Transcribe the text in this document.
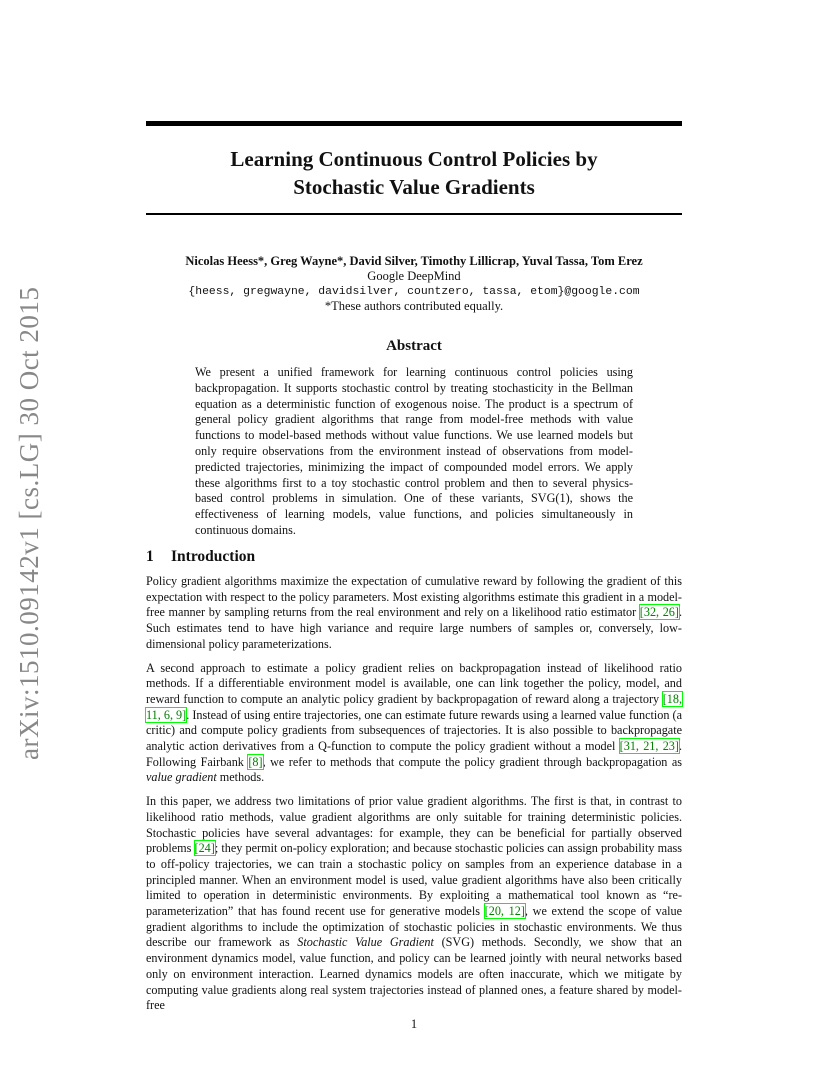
arXiv:1510.09142v1 [cs.LG] 30 Oct 2015
Learning Continuous Control Policies by
Stochastic Value Gradients
Nicolas Heess*, Greg Wayne*, David Silver, Timothy Lillicrap, Yuval Tassa, Tom Erez
Google DeepMind
{heess, gregwayne, davidsilver, countzero, tassa, etom}@google.com
*These authors contributed equally.
Abstract
We present a unified framework for learning continuous control policies using backpropagation. It supports stochastic control by treating stochasticity in the Bellman equation as a deterministic function of exogenous noise. The product is a spectrum of general policy gradient algorithms that range from model-free methods with value functions to model-based methods without value functions. We use learned models but only require observations from the environment instead of observations from model-predicted trajectories, minimizing the impact of compounded model errors. We apply these algorithms first to a toy stochastic control problem and then to several physics-based control problems in simulation. One of these variants, SVG(1), shows the effectiveness of learning models, value functions, and policies simultaneously in continuous domains.
1 Introduction

Policy gradient algorithms maximize the expectation of cumulative reward by following the gradient of this expectation with respect to the policy parameters. Most existing algorithms estimate this gradient in a model-free manner by sampling returns from the real environment and rely on a likelihood ratio estimator [32, 26]. Such estimates tend to have high variance and require large numbers of samples or, conversely, low-dimensional policy parameterizations.

A second approach to estimate a policy gradient relies on backpropagation instead of likelihood ratio methods. If a differentiable environment model is available, one can link together the policy, model, and reward function to compute an analytic policy gradient by backpropagation of reward along a trajectory [18, 11, 6, 9]. Instead of using entire trajectories, one can estimate future rewards using a learned value function (a critic) and compute policy gradients from subsequences of trajectories. It is also possible to backpropagate analytic action derivatives from a Q-function to compute the policy gradient without a model [31, 21, 23]. Following Fairbank [8], we refer to methods that compute the policy gradient through backpropagation as value gradient methods.

In this paper, we address two limitations of prior value gradient algorithms. The first is that, in contrast to likelihood ratio methods, value gradient algorithms are only suitable for training deterministic policies. Stochastic policies have several advantages: for example, they can be beneficial for partially observed problems [24]; they permit on-policy exploration; and because stochastic policies can assign probability mass to off-policy trajectories, we can train a stochastic policy on samples from an experience database in a principled manner. When an environment model is used, value gradient algorithms have also been critically limited to operation in deterministic environments. By exploiting a mathematical tool known as “re-parameterization” that has found recent use for generative models [20, 12], we extend the scope of value gradient algorithms to include the optimization of stochastic policies in stochastic environments. We thus describe our framework as Stochastic Value Gradient (SVG) methods. Secondly, we show that an environment dynamics model, value function, and policy can be learned jointly with neural networks based only on environment interaction. Learned dynamics models are often inaccurate, which we mitigate by computing value gradients along real system trajectories instead of planned ones, a feature shared by model-free

1
